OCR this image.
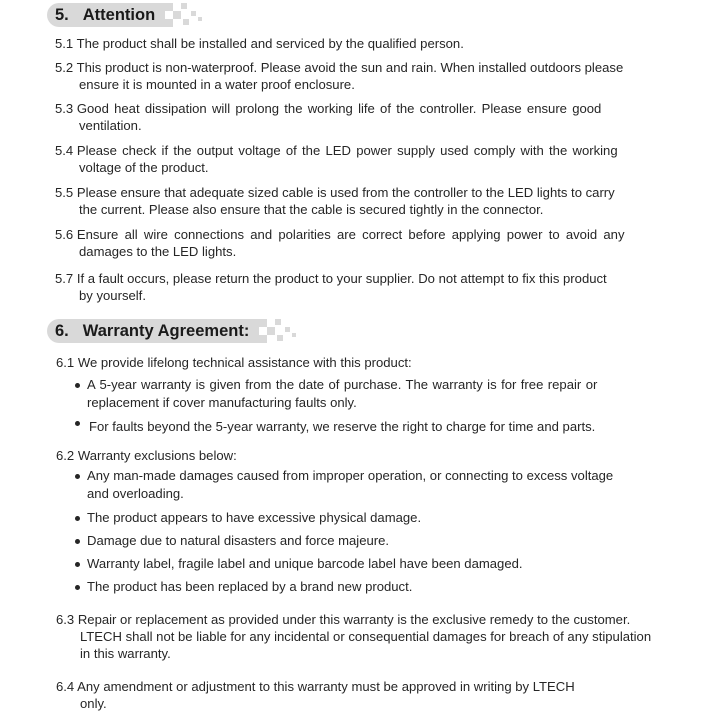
5. Attention
5.1 The product shall be installed and serviced by the qualified person.
5.2 This product is non-waterproof. Please avoid the sun and rain. When installed outdoors please
ensure it is mounted in a water proof enclosure.
5.3 Good heat dissipation will prolong the working life of the controller. Please ensure good
ventilation.
5.4 Please check if the output voltage of the LED power supply used comply with the working
voltage of the product.
5.5 Please ensure that adequate sized cable is used from the controller to the LED lights to carry
the current. Please also ensure that the cable is secured tightly in the connector.
5.6 Ensure all wire connections and polarities are correct before applying power to avoid any
damages to the LED lights.
5.7 If a fault occurs, please return the product to your supplier. Do not attempt to fix this product
by yourself.
6. Warranty Agreement:
6.1 We provide lifelong technical assistance with this product:
A 5-year warranty is given from the date of purchase. The warranty is for free repair or
replacement if cover manufacturing faults only.
For faults beyond the 5-year warranty, we reserve the right to charge for time and parts.
6.2 Warranty exclusions below:
Any man-made damages caused from improper operation, or connecting to excess voltage
and overloading.
The product appears to have excessive physical damage.
Damage due to natural disasters and force majeure.
Warranty label, fragile label and unique barcode label have been damaged.
The product has been replaced by a brand new product.
6.3 Repair or replacement as provided under this warranty is the exclusive remedy to the customer.
LTECH shall not be liable for any incidental or consequential damages for breach of any stipulation
in this warranty.
6.4 Any amendment or adjustment to this warranty must be approved in writing by LTECH
only.
